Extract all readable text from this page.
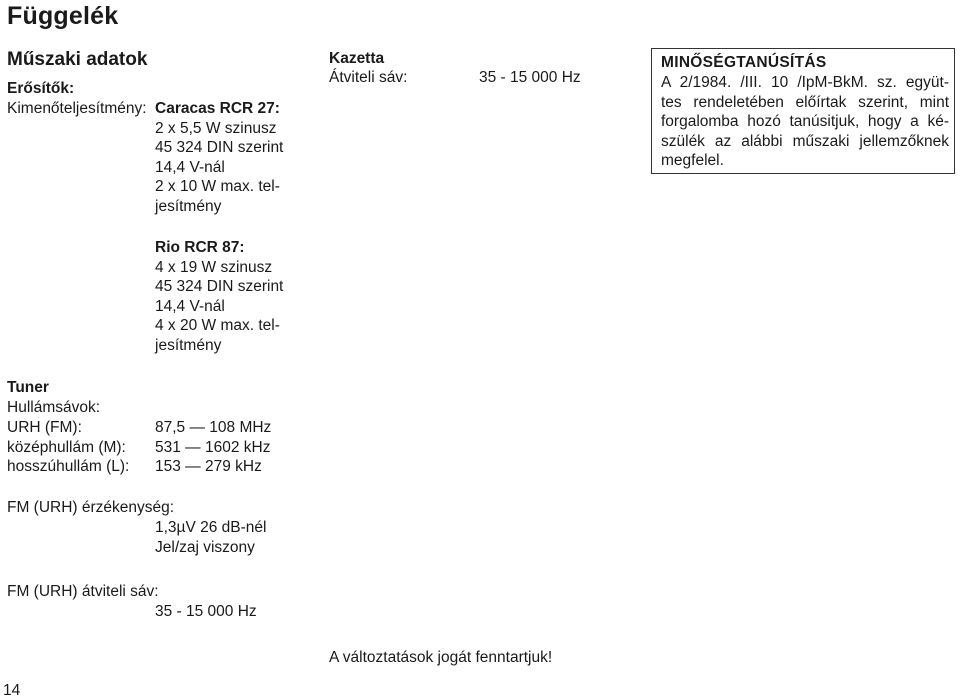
Függelék
Műszaki adatok
Erősítők:
Kimenőteljesítmény: Caracas RCR 27:
2 x 5,5 W szinusz
45 324 DIN szerint
14,4 V-nál
2 x 10 W max. tel-
jesítmény
Rio RCR 87:
4 x 19 W szinusz
45 324 DIN szerint
14,4 V-nál
4 x 20 W max. tel-
jesítmény
Tuner
Hullámsávok:
URH (FM):	87,5 — 108 MHz
középhullám (M): 531 — 1602 kHz
hosszúhullám (L): 153 — 279 kHz
FM (URH) érzékenység:
1,3µV 26 dB-nél
Jel/zaj viszony
FM (URH) átviteli sáv:
35 - 15 000 Hz
Kazetta
Átviteli sáv:	35 - 15 000 Hz
MINŐSÉGTANÚSÍTÁS
A 2/1984. /III. 10 /IpM-BkM. sz. együt-
tes rendeletében előírtak szerint, mint
forgalomba hozó tanúsitjuk, hogy a ké-
szülék az alábbi műszaki jellemzőknek
megfelel.
A változtatások jogát fenntartjuk!
14
